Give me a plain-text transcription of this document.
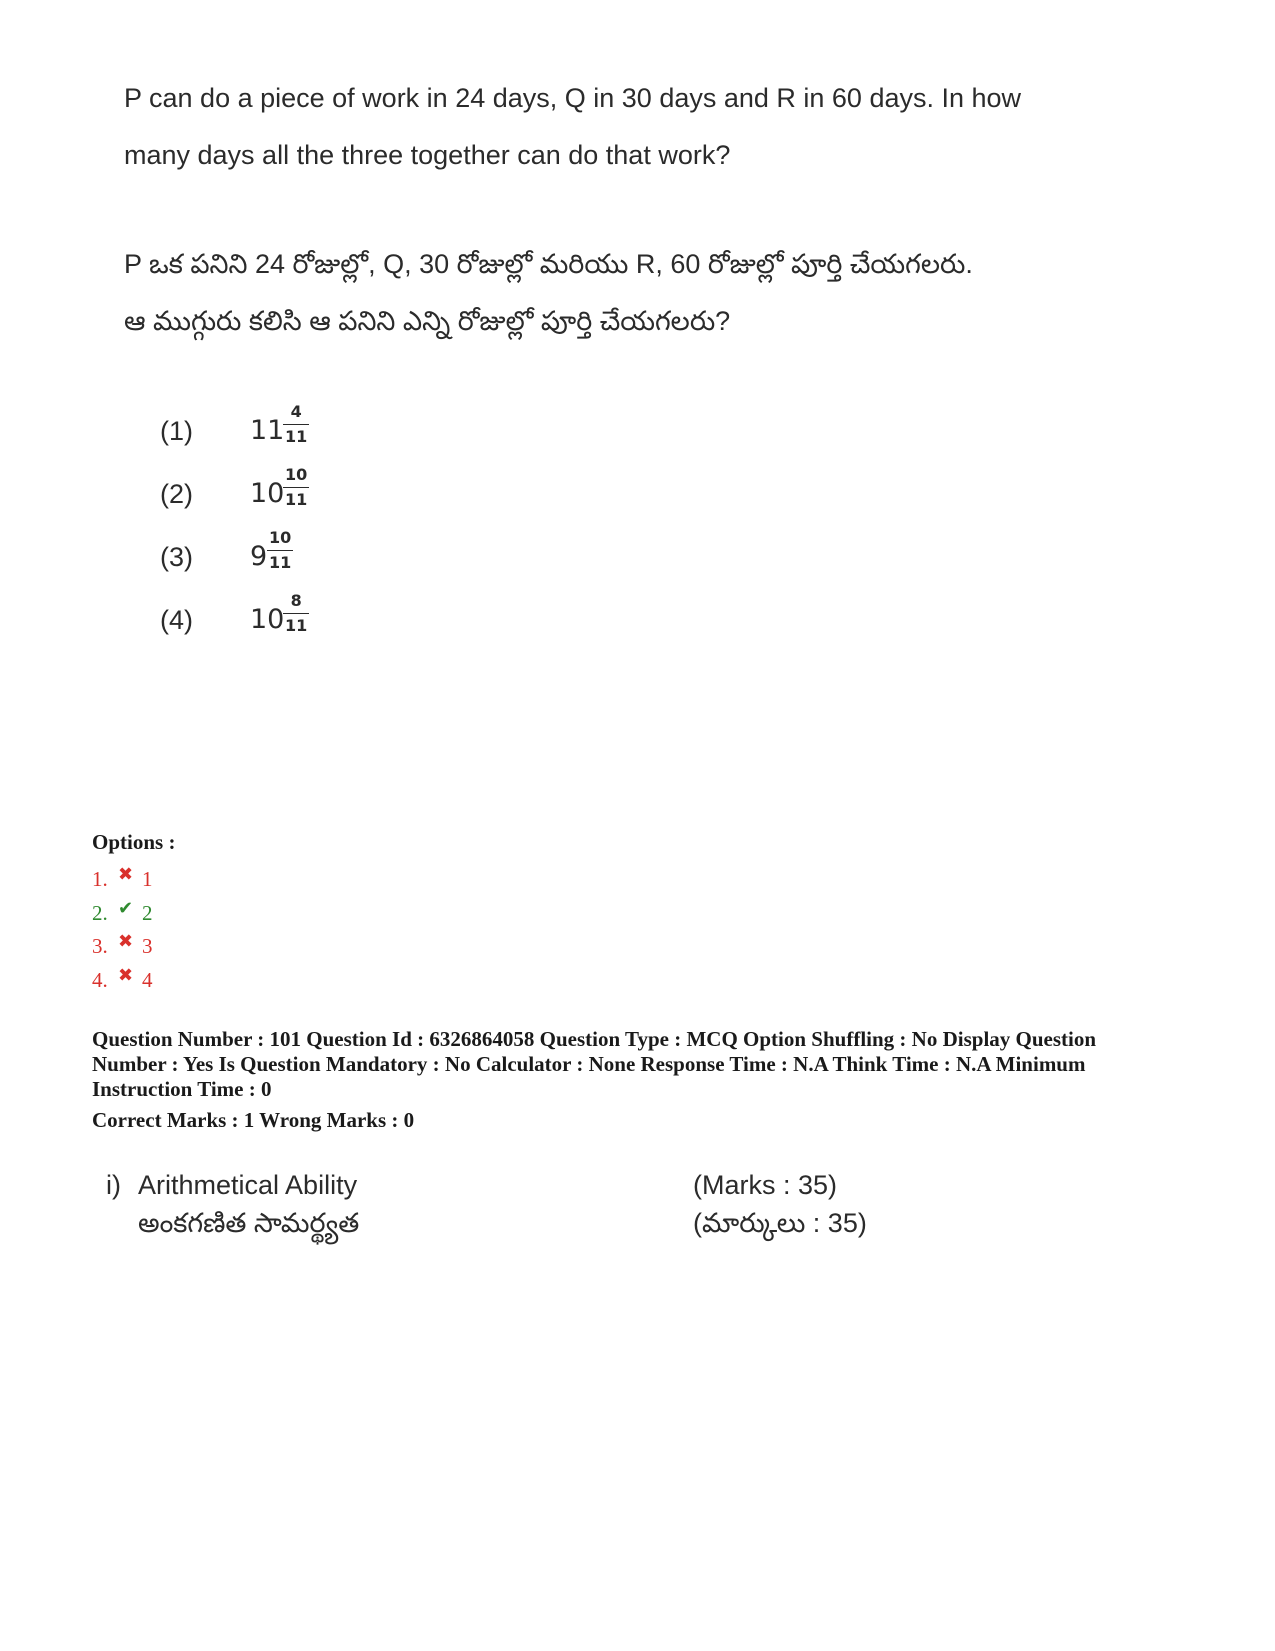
P can do a piece of work in 24 days, Q in 30 days and R in 60 days. In how

many days all the three together can do that work?

P ఒక పనిని 24 రోజుల్లో, Q, 30 రోజుల్లో మరియు R, 60 రోజుల్లో పూర్తి చేయగలరు.

ఆ ముగ్గురు కలిసి ఆ పనిని ఎన్ని రోజుల్లో పూర్తి చేయగలరు?

(1) 11
4
11
(2) 10
10
11
(3) 9
10
11
(4) 10
8
11
Options :
1. ✖ 1
2. ✔ 2
3. ✖ 3
4. ✖ 4

Question Number : 101 Question Id : 6326864058 Question Type : MCQ Option Shuffling : No Display Question

Number : Yes Is Question Mandatory : No Calculator : None Response Time : N.A Think Time : N.A Minimum

Instruction Time : 0

Correct Marks : 1 Wrong Marks : 0
i) Arithmetical Ability
అంకగణిత సామర్థ్యత
(Marks : 35)
(మార్కులు : 35)
